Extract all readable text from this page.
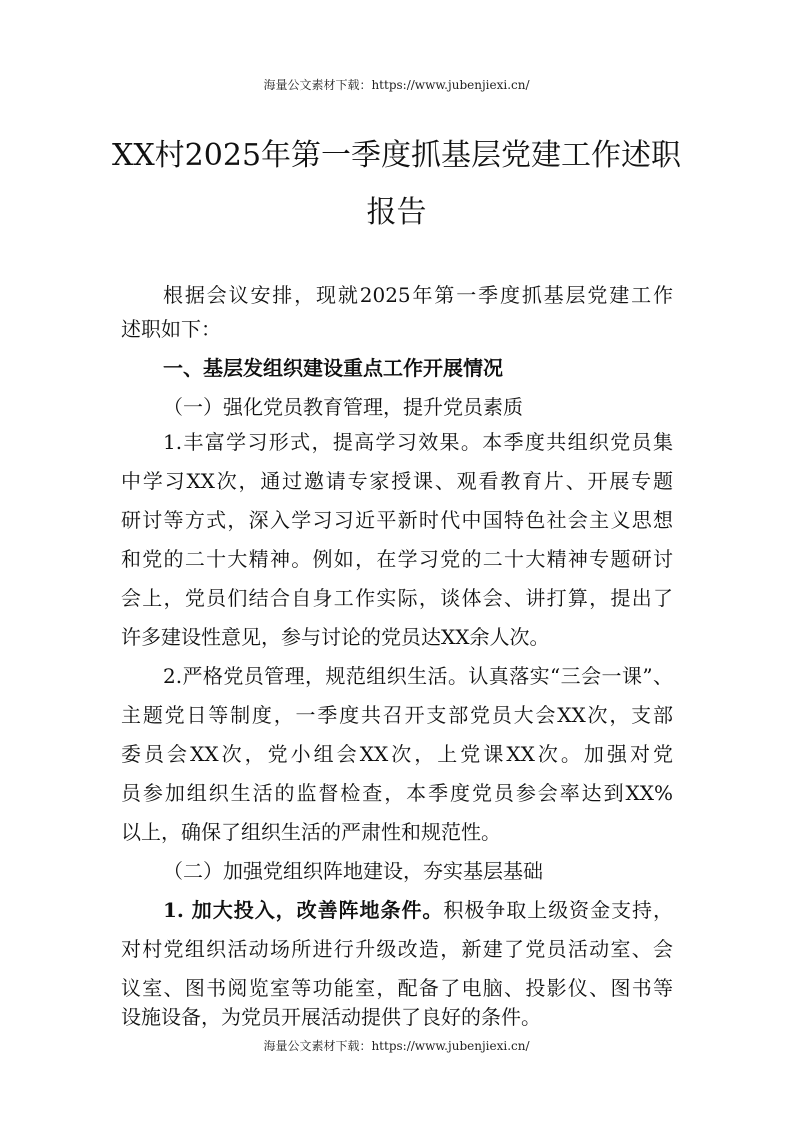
海量公文素材下载：https://www.jubenjiexi.cn/
XX村2025年第一季度抓基层党建工作述职
报告
根据会议安排，现就2025年第一季度抓基层党建工作
述职如下：
一、基层发组织建设重点工作开展情况
（一）强化党员教育管理，提升党员素质
1.丰富学习形式，提高学习效果。本季度共组织党员集
中学习XX次，通过邀请专家授课、观看教育片、开展专题
研讨等方式，深入学习习近平新时代中国特色社会主义思想
和党的二十大精神。例如，在学习党的二十大精神专题研讨
会上，党员们结合自身工作实际，谈体会、讲打算，提出了
许多建设性意见，参与讨论的党员达XX余人次。
2.严格党员管理，规范组织生活。认真落实“三会一课”、
主题党日等制度，一季度共召开支部党员大会XX次，支部
委员会XX次，党小组会XX次，上党课XX次。加强对党
员参加组织生活的监督检查，本季度党员参会率达到XX%
以上，确保了组织生活的严肃性和规范性。
（二）加强党组织阵地建设，夯实基层基础
1. 加大投入，改善阵地条件。积极争取上级资金支持，
对村党组织活动场所进行升级改造，新建了党员活动室、会
议室、图书阅览室等功能室，配备了电脑、投影仪、图书等
设施设备，为党员开展活动提供了良好的条件。
海量公文素材下载：https://www.jubenjiexi.cn/
